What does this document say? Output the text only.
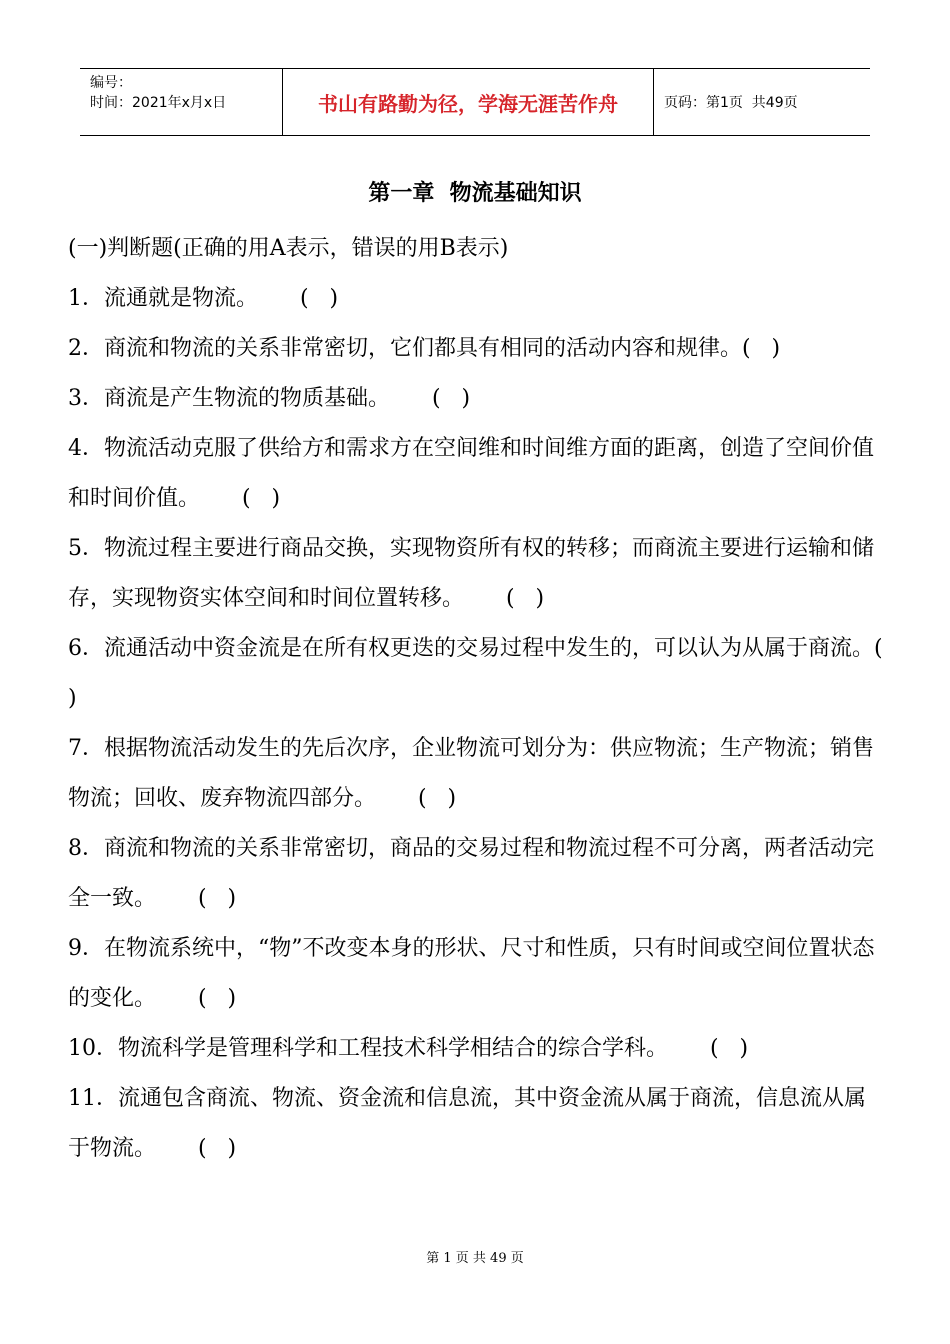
编号：
时间：2021年x月x日	书山有路勤为径，学海无涯苦作舟	页码：第1页  共49页
第一章  物流基础知识

(一)判断题(正确的用A表示，错误的用B表示)

1．流通就是物流。      (   )

2．商流和物流的关系非常密切，它们都具有相同的活动内容和规律。(   )

3．商流是产生物流的物质基础。      (   )

4．物流活动克服了供给方和需求方在空间维和时间维方面的距离，创造了空间价值和时间价值。      (   )

5．物流过程主要进行商品交换，实现物资所有权的转移；而商流主要进行运输和储存，实现物资实体空间和时间位置转移。      (   )

6．流通活动中资金流是在所有权更迭的交易过程中发生的，可以认为从属于商流。(   )

7．根据物流活动发生的先后次序，企业物流可划分为：供应物流；生产物流；销售物流；回收、废弃物流四部分。      (   )

8．商流和物流的关系非常密切，商品的交易过程和物流过程不可分离，两者活动完全一致。      (   )

9．在物流系统中，“物”不改变本身的形状、尺寸和性质，只有时间或空间位置状态的变化。      (   )

10．物流科学是管理科学和工程技术科学相结合的综合学科。      (   )

11．流通包含商流、物流、资金流和信息流，其中资金流从属于商流，信息流从属于物流。      (   )

第 1 页 共 49 页
